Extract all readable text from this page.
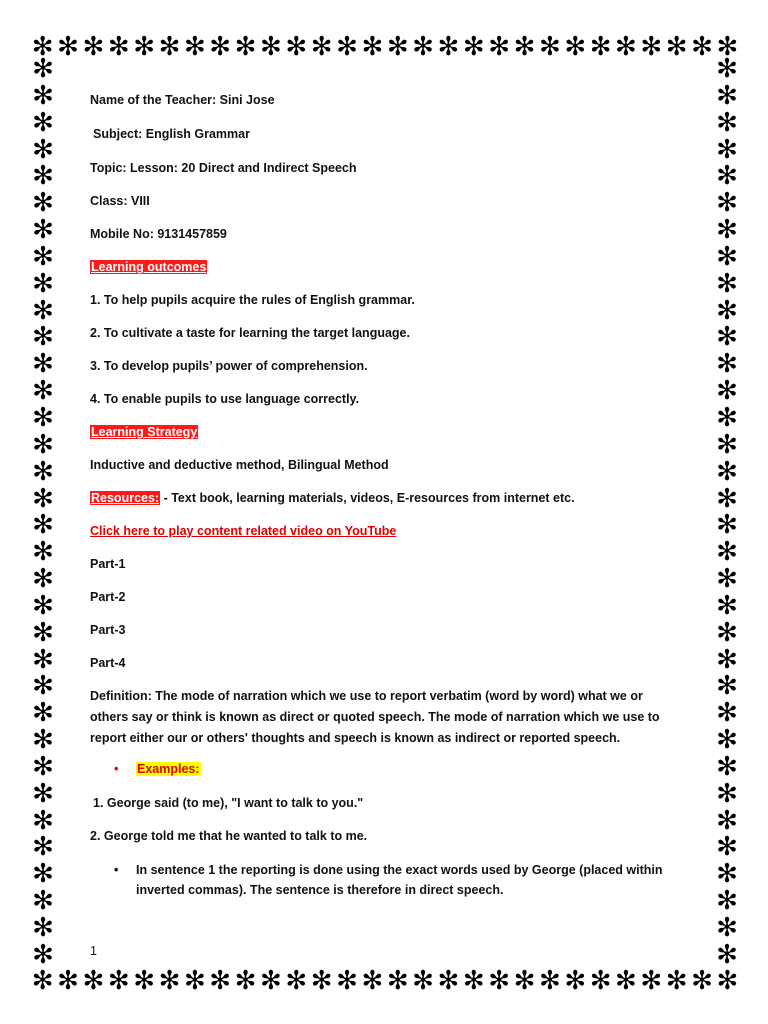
✻ ✻ ✻ ✻ ✻ ✻ ✻ ✻ ✻ ✻ ✻ ✻ ✻ ✻ ✻ ✻ ✻ ✻ ✻ ✻ ✻ ✻ ✻ ✻ ✻ ✻ ✻ ✻
✻ ✻ ✻ ✻ ✻ ✻ ✻ ✻ ✻ ✻ ✻ ✻ ✻ ✻ ✻ ✻ ✻ ✻ ✻ ✻ ✻ ✻ ✻ ✻ ✻ ✻ ✻ ✻
✻
✻
✻
✻
✻
✻
✻
✻
✻
✻
✻
✻
✻
✻
✻
✻
✻
✻
✻
✻
✻
✻
✻
✻
✻
✻
✻
✻
✻
✻
✻
✻
✻
✻
✻
✻
✻
✻
✻
✻
✻
✻
✻
✻
✻
✻
✻
✻
✻
✻
✻
✻
✻
✻
✻
✻
✻
✻
✻
✻
✻
✻
✻
✻
✻
✻
✻
✻
Name of the Teacher: Sini Jose
Subject: English Grammar
Topic: Lesson: 20 Direct and Indirect Speech
Class: VIII
Mobile No: 9131457859
Learning outcomes
1. To help pupils acquire the rules of English grammar.
2. To cultivate a taste for learning the target language.
3. To develop pupils’ power of comprehension.
4. To enable pupils to use language correctly.
Learning Strategy
Inductive and deductive method, Bilingual Method
Resources: - Text book, learning materials, videos, E-resources from internet etc.
Click here to play content related video on YouTube
Part-1
Part-2
Part-3
Part-4
Definition: The mode of narration which we use to report verbatim (word by word) what we or others say or think is known as direct or quoted speech. The mode of narration which we use to report either our or others' thoughts and speech is known as indirect or reported speech.
• Examples:
1. George said (to me), "I want to talk to you."
2. George told me that he wanted to talk to me.
• In sentence 1 the reporting is done using the exact words used by George (placed within inverted commas). The sentence is therefore in direct speech.
1
